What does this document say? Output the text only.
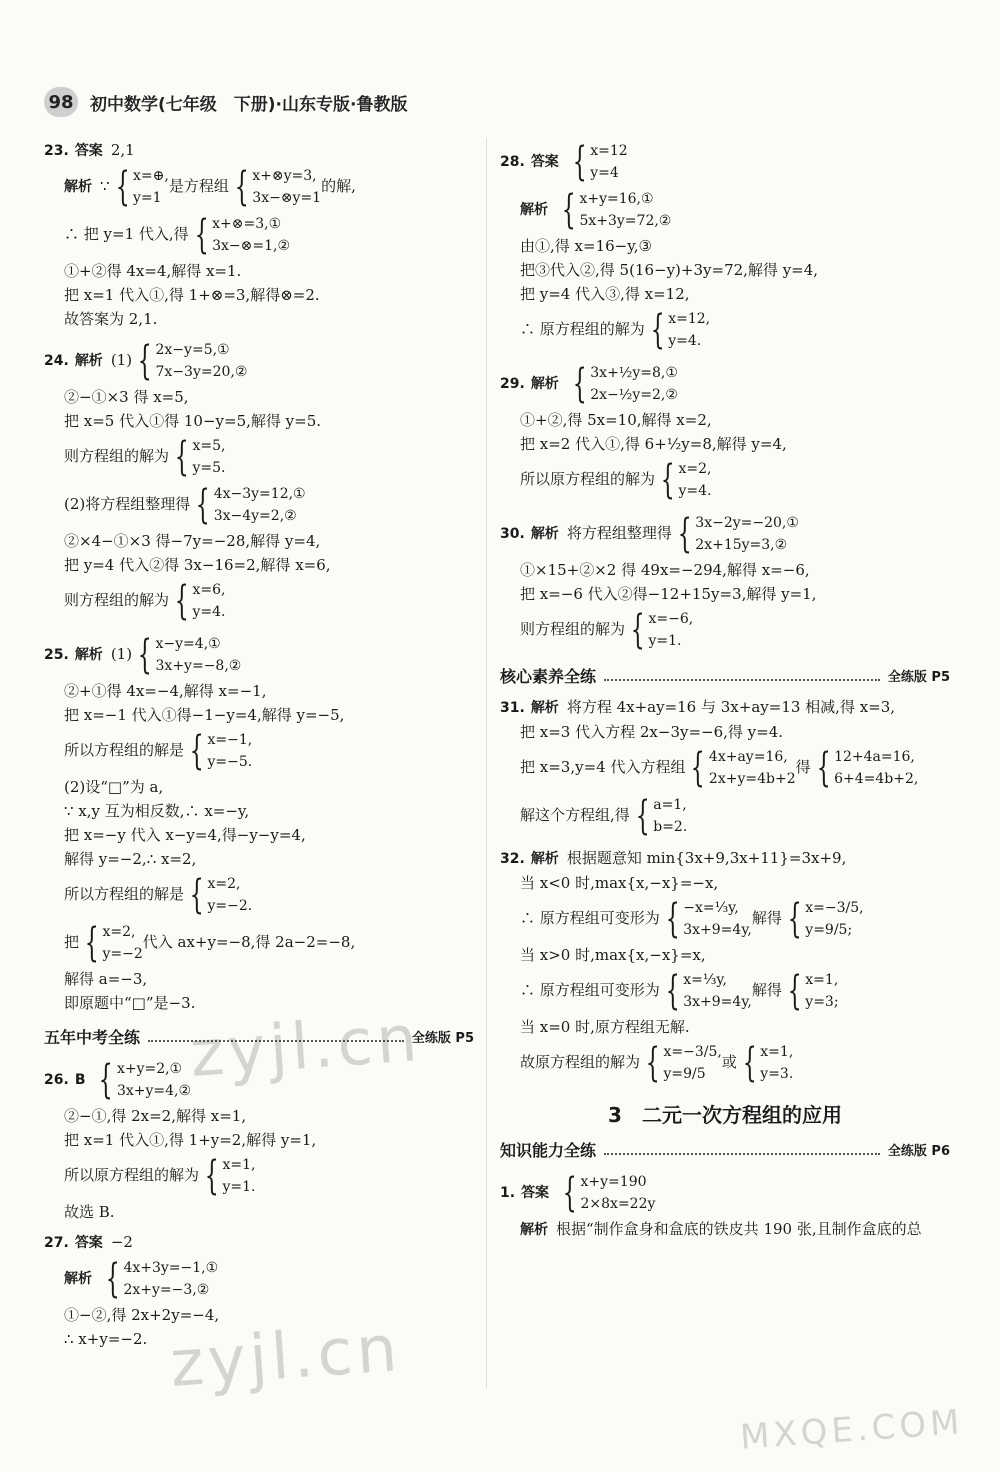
98 初中数学(七年级　下册)·山东专版·鲁教版
23. 答案 2,1
解析 ∵ { x=⊕,
y=1
是方程组 { x+⊗y=3,
3x−⊗y=1
的解,
∴ 把 y=1 代入,得 { x+⊗=3,①
3x−⊗=1,②
①+②得 4x=4,解得 x=1.
把 x=1 代入①,得 1+⊗=3,解得⊗=2.
故答案为 2,1.
24. 解析 (1) { 2x−y=5,①
7x−3y=20,②
②−①×3 得 x=5,
把 x=5 代入①得 10−y=5,解得 y=5.
则方程组的解为 { x=5,
y=5.
(2)将方程组整理得 { 4x−3y=12,①
3x−4y=2,②
②×4−①×3 得−7y=−28,解得 y=4,
把 y=4 代入②得 3x−16=2,解得 x=6,
则方程组的解为 { x=6,
y=4.
25. 解析 (1) { x−y=4,①
3x+y=−8,②
②+①得 4x=−4,解得 x=−1,
把 x=−1 代入①得−1−y=4,解得 y=−5,
所以方程组的解是 { x=−1,
y=−5.
(2)设“□”为 a,
∵ x,y 互为相反数,∴ x=−y,
把 x=−y 代入 x−y=4,得−y−y=4,
解得 y=−2,∴ x=2,
所以方程组的解是 { x=2,
y=−2.
把 { x=2,
y=−2
代入 ax+y=−8,得 2a−2=−8,
解得 a=−3,
即原题中“□”是−3.
五年中考全练	全练版 P5
26. B { x+y=2,①
3x+y=4,②
②−①,得 2x=2,解得 x=1,
把 x=1 代入①,得 1+y=2,解得 y=1,
所以原方程组的解为 { x=1,
y=1.
故选 B.
27. 答案 −2
解析 { 4x+3y=−1,①
2x+y=−3,②
①−②,得 2x+2y=−4,
∴ x+y=−2.
28. 答案 { x=12
y=4
解析 { x+y=16,①
5x+3y=72,②
由①,得 x=16−y,③
把③代入②,得 5(16−y)+3y=72,解得 y=4,
把 y=4 代入③,得 x=12,
∴ 原方程组的解为 { x=12,
y=4.
29. 解析 { 3x+½y=8,①
2x−½y=2,②
①+②,得 5x=10,解得 x=2,
把 x=2 代入①,得 6+½y=8,解得 y=4,
所以原方程组的解为 { x=2,
y=4.
30. 解析 将方程组整理得 { 3x−2y=−20,①
2x+15y=3,②
①×15+②×2 得 49x=−294,解得 x=−6,
把 x=−6 代入②得−12+15y=3,解得 y=1,
则方程组的解为 { x=−6,
y=1.
核心素养全练	全练版 P5
31. 解析 将方程 4x+ay=16 与 3x+ay=13 相减,得 x=3,
把 x=3 代入方程 2x−3y=−6,得 y=4.
把 x=3,y=4 代入方程组 { 4x+ay=16,
2x+y=4b+2
得 { 12+4a=16,
6+4=4b+2,
解这个方程组,得 { a=1,
b=2.
32. 解析 根据题意知 min{3x+9,3x+11}=3x+9,
当 x<0 时,max{x,−x}=−x,
∴ 原方程组可变形为 { −x=⅓y,
3x+9=4y,
解得 { x=−3/5,
y=9/5;
当 x>0 时,max{x,−x}=x,
∴ 原方程组可变形为 { x=⅓y,
3x+9=4y,
解得 { x=1,
y=3;
当 x=0 时,原方程组无解.
故原方程组的解为 { x=−3/5,
y=9/5
或 { x=1,
y=3.
3　二元一次方程组的应用
知识能力全练	全练版 P6
1. 答案 { x+y=190
2×8x=22y
解析 根据“制作盒身和盒底的铁皮共 190 张,且制作盒底的总
zyjl.cn
zyjl.cn
MXQE.COM
